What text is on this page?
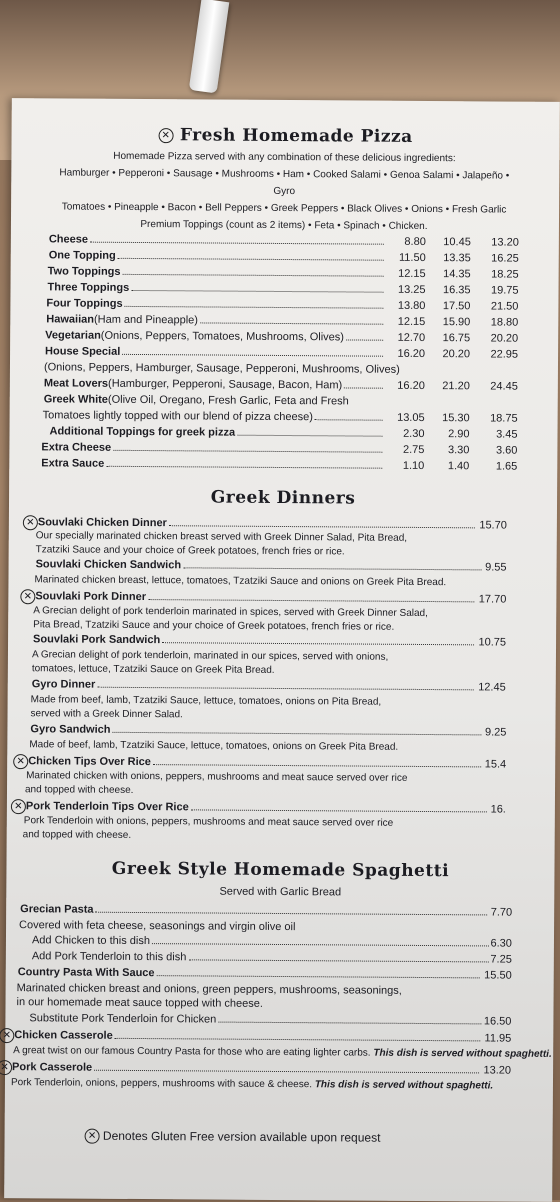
✕ Fresh Homemade Pizza
Homemade Pizza served with any combination of these delicious ingredients:
Hamburger • Pepperoni • Sausage • Mushrooms • Ham • Cooked Salami • Genoa Salami • Jalapeño • Gyro
Tomatoes • Pineapple • Bacon • Bell Peppers • Greek Peppers • Black Olives • Onions • Fresh Garlic
Premium Toppings (count as 2 items) • Feta • Spinach • Chicken.
Cheese	8.80	10.45	13.20
One Topping	11.50	13.35	16.25
Two Toppings	12.15	14.35	18.25
Three Toppings	13.25	16.35	19.75
Four Toppings	13.80	17.50	21.50
Hawaiian (Ham and Pineapple)	12.15	15.90	18.80
Vegetarian (Onions, Peppers, Tomatoes, Mushrooms, Olives)	12.70	16.75	20.20
House Special	16.20	20.20	22.95
(Onions, Peppers, Hamburger, Sausage, Pepperoni, Mushrooms, Olives)
Meat Lovers (Hamburger, Pepperoni, Sausage, Bacon, Ham)	16.20	21.20	24.45
Greek White (Olive Oil, Oregano, Fresh Garlic, Feta and Fresh
Tomatoes lightly topped with our blend of pizza cheese)	13.05	15.30	18.75
Additional Toppings for greek pizza	2.30	2.90	3.45
Extra Cheese	2.75	3.30	3.60
Extra Sauce	1.10	1.40	1.65
Greek Dinners
✕ Souvlaki Chicken Dinner	15.70
Our specially marinated chicken breast served with Greek Dinner Salad, Pita Bread,
Tzatziki Sauce and your choice of Greek potatoes, french fries or rice.
Souvlaki Chicken Sandwich	9.55
Marinated chicken breast, lettuce, tomatoes, Tzatziki Sauce and onions on Greek Pita Bread.
✕ Souvlaki Pork Dinner	17.70
A Grecian delight of pork tenderloin marinated in spices, served with Greek Dinner Salad,
Pita Bread, Tzatziki Sauce and your choice of Greek potatoes, french fries or rice.
Souvlaki Pork Sandwich	10.75
A Grecian delight of pork tenderloin, marinated in our spices, served with onions,
tomatoes, lettuce, Tzatziki Sauce on Greek Pita Bread.
Gyro Dinner	12.45
Made from beef, lamb, Tzatziki Sauce, lettuce, tomatoes, onions on Pita Bread,
served with a Greek Dinner Salad.
Gyro Sandwich	9.25
Made of beef, lamb, Tzatziki Sauce, lettuce, tomatoes, onions on Greek Pita Bread.
✕ Chicken Tips Over Rice	15.4
Marinated chicken with onions, peppers, mushrooms and meat sauce served over rice
and topped with cheese.
✕ Pork Tenderloin Tips Over Rice	16.
Pork Tenderloin with onions, peppers, mushrooms and meat sauce served over rice
and topped with cheese.
Greek Style Homemade Spaghetti
Served with Garlic Bread
Grecian Pasta	7.70
Covered with feta cheese, seasonings and virgin olive oil
Add Chicken to this dish	6.30
Add Pork Tenderloin to this dish	7.25
Country Pasta With Sauce	15.50
Marinated chicken breast and onions, green peppers, mushrooms, seasonings,
in our homemade meat sauce topped with cheese.
Substitute Pork Tenderloin for Chicken	16.50
✕ Chicken Casserole	11.95
A great twist on our famous Country Pasta for those who are eating lighter carbs. This dish is served without spaghetti.
✕ Pork Casserole	13.20
Pork Tenderloin, onions, peppers, mushrooms with sauce & cheese. This dish is served without spaghetti.
✕ Denotes Gluten Free version available upon request
